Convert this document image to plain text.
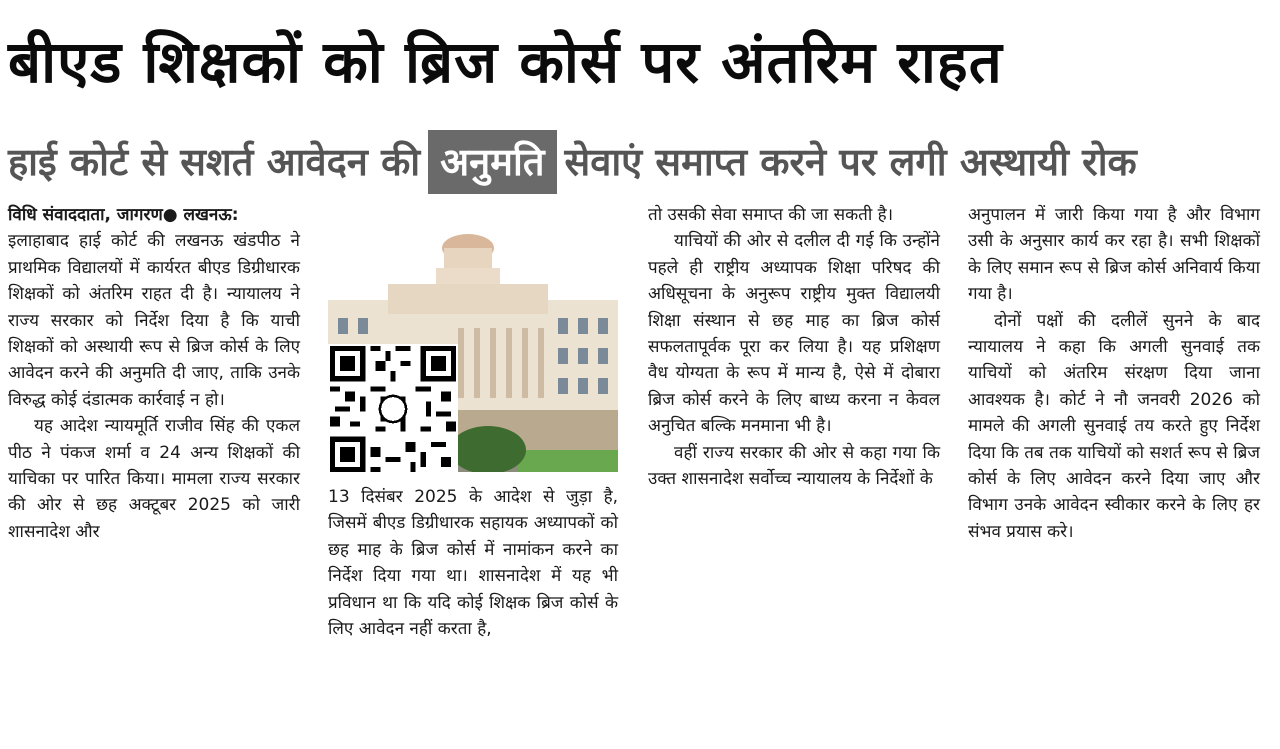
बीएड शिक्षकों को ब्रिज कोर्स पर अंतरिम राहत
हाई कोर्ट से सशर्त आवेदन की अनुमति सेवाएं समाप्त करने पर लगी अस्थायी रोक

विधि संवाददाता, जागरण● लखनऊ:

इलाहाबाद हाई कोर्ट की लखनऊ खंडपीठ ने प्राथमिक विद्यालयों में कार्यरत बीएड डिग्रीधारक शिक्षकों को अंतरिम राहत दी है। न्यायालय ने राज्य सरकार को निर्देश दिया है कि याची शिक्षकों को अस्थायी रूप से ब्रिज कोर्स के लिए आवेदन करने की अनुमति दी जाए, ताकि उनके विरुद्ध कोई दंडात्मक कार्रवाई न हो।

यह आदेश न्यायमूर्ति राजीव सिंह की एकल पीठ ने पंकज शर्मा व 24 अन्य शिक्षकों की याचिका पर पारित किया। मामला राज्य सरकार की ओर से छह अक्टूबर 2025 को जारी शासनादेश और

13 दिसंबर 2025 के आदेश से जुड़ा है, जिसमें बीएड डिग्रीधारक सहायक अध्यापकों को छह माह के ब्रिज कोर्स में नामांकन करने का निर्देश दिया गया था। शासनादेश में यह भी प्रविधान था कि यदि कोई शिक्षक ब्रिज कोर्स के लिए आवेदन नहीं करता है,

तो उसकी सेवा समाप्त की जा सकती है।

याचियों की ओर से दलील दी गई कि उन्होंने पहले ही राष्ट्रीय अध्यापक शिक्षा परिषद की अधिसूचना के अनुरूप राष्ट्रीय मुक्त विद्यालयी शिक्षा संस्थान से छह माह का ब्रिज कोर्स सफलतापूर्वक पूरा कर लिया है। यह प्रशिक्षण वैध योग्यता के रूप में मान्य है, ऐसे में दोबारा ब्रिज कोर्स करने के लिए बाध्य करना न केवल अनुचित बल्कि मनमाना भी है।

वहीं राज्य सरकार की ओर से कहा गया कि उक्त शासनादेश सर्वोच्च न्यायालय के निर्देशों के

अनुपालन में जारी किया गया है और विभाग उसी के अनुसार कार्य कर रहा है। सभी शिक्षकों के लिए समान रूप से ब्रिज कोर्स अनिवार्य किया गया है।

दोनों पक्षों की दलीलें सुनने के बाद न्यायालय ने कहा कि अगली सुनवाई तक याचियों को अंतरिम संरक्षण दिया जाना आवश्यक है। कोर्ट ने नौ जनवरी 2026 को मामले की अगली सुनवाई तय करते हुए निर्देश दिया कि तब तक याचियों को सशर्त रूप से ब्रिज कोर्स के लिए आवेदन करने दिया जाए और विभाग उनके आवेदन स्वीकार करने के लिए हर संभव प्रयास करे।
